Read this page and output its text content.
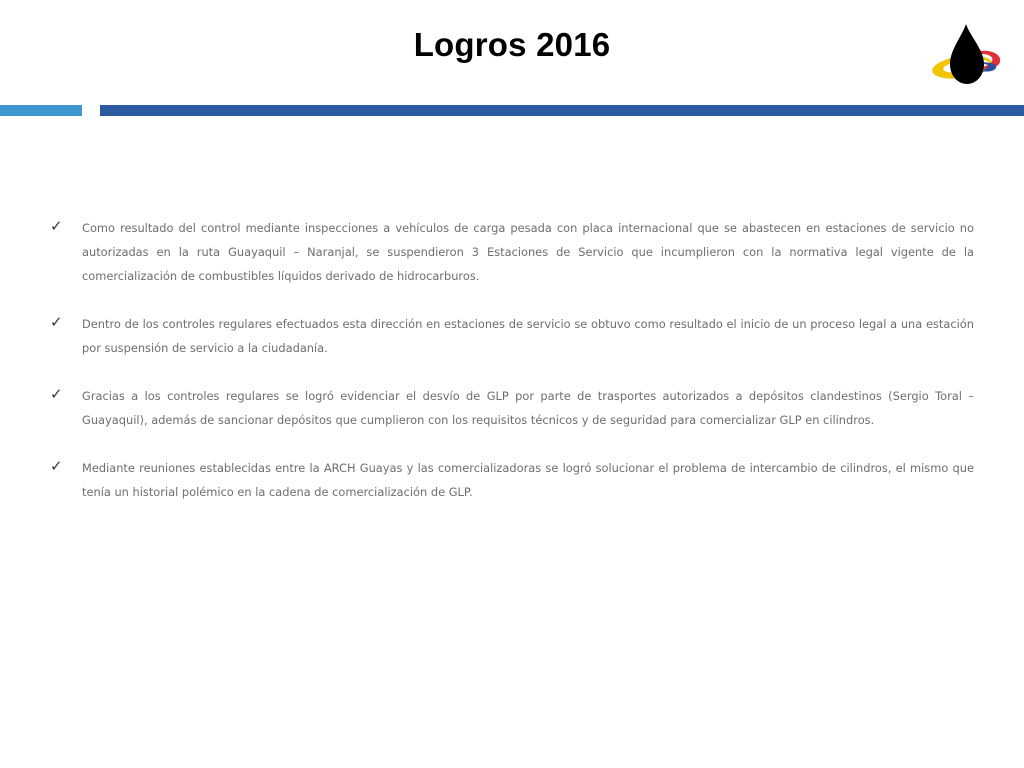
Logros 2016
✓ Como resultado del control mediante inspecciones a vehículos de carga pesada con placa internacional que se abastecen en estaciones de servicio no autorizadas en la ruta Guayaquil – Naranjal, se suspendieron 3 Estaciones de Servicio que incumplieron con la normativa legal vigente de la comercialización de combustibles líquidos derivado de hidrocarburos.
✓ Dentro de los controles regulares efectuados esta dirección en estaciones de servicio se obtuvo como resultado el inicio de un proceso legal a una estación por suspensión de servicio a la ciudadanía.
✓ Gracias a los controles regulares se logró evidenciar el desvío de GLP por parte de trasportes autorizados a depósitos clandestinos (Sergio Toral – Guayaquil), además de sancionar depósitos que cumplieron con los requisitos técnicos y de seguridad para comercializar GLP en cilindros.
✓ Mediante reuniones establecidas entre la ARCH Guayas y las comercializadoras se logró solucionar el problema de intercambio de cilindros, el mismo que tenía un historial polémico en la cadena de comercialización de GLP.
